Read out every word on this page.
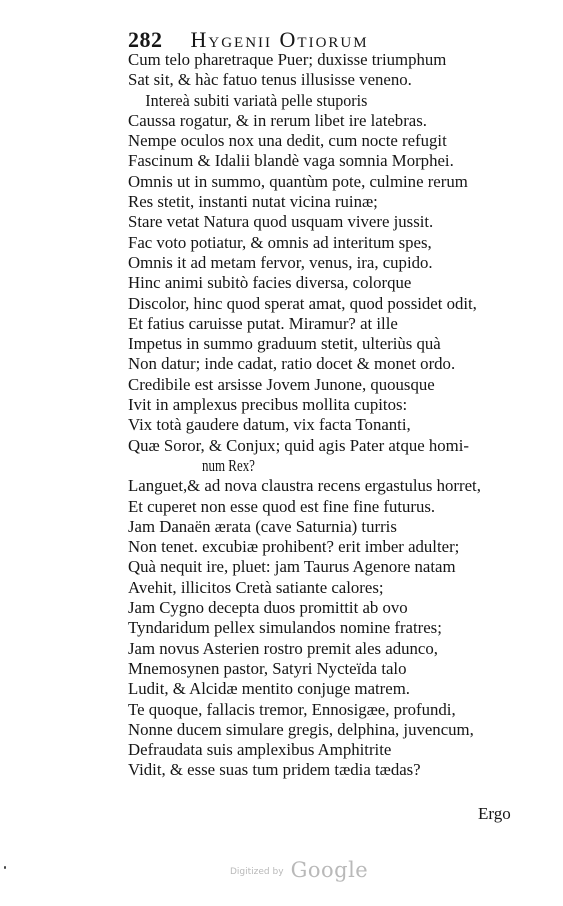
282 Hygenii Otiorum
Cum telo pharetraque Puer; duxisse triumphum
Sat sit, & hàc fatuo tenus illusisse veneno.
Intereà subiti variatà pelle stuporis
Caussa rogatur, & in rerum libet ire latebras.
Nempe oculos nox una dedit, cum nocte refugit
Fascinum & Idalii blandè vaga somnia Morphei.
Omnis ut in summo, quantùm pote, culmine rerum
Res stetit, instanti nutat vicina ruinæ;
Stare vetat Natura quod usquam vivere jussit.
Fac voto potiatur, & omnis ad interitum spes,
Omnis it ad metam fervor, venus, ira, cupido.
Hinc animi subitò facies diversa, colorque
Discolor, hinc quod sperat amat, quod possidet odit,
Et fatius caruisse putat. Miramur? at ille
Impetus in summo graduum stetit, ulteriùs quà
Non datur; inde cadat, ratio docet & monet ordo.
Credibile est arsisse Jovem Junone, quousque
Ivit in amplexus precibus mollita cupitos:
Vix totà gaudere datum, vix facta Tonanti,
Quæ Soror, & Conjux; quid agis Pater atque homi-
num Rex?
Languet,& ad nova claustra recens ergastulus horret,
Et cuperet non esse quod est fine fine futurus.
Jam Danaën ærata (cave Saturnia) turris
Non tenet. excubiæ prohibent? erit imber adulter;
Quà nequit ire, pluet: jam Taurus Agenore natam
Avehit, illicitos Cretà satiante calores;
Jam Cygno decepta duos promittit ab ovo
Tyndaridum pellex simulandos nomine fratres;
Jam novus Asterien rostro premit ales adunco,
Mnemosynen pastor, Satyri Nycteïda talo
Ludit, & Alcidæ mentito conjuge matrem.
Te quoque, fallacis tremor, Ennosigæe, profundi,
Nonne ducem simulare gregis, delphina, juvencum,
Defraudata suis amplexibus Amphitrite
Vidit, & esse suas tum pridem tædia tædas?
Ergo
Digitized by Google
